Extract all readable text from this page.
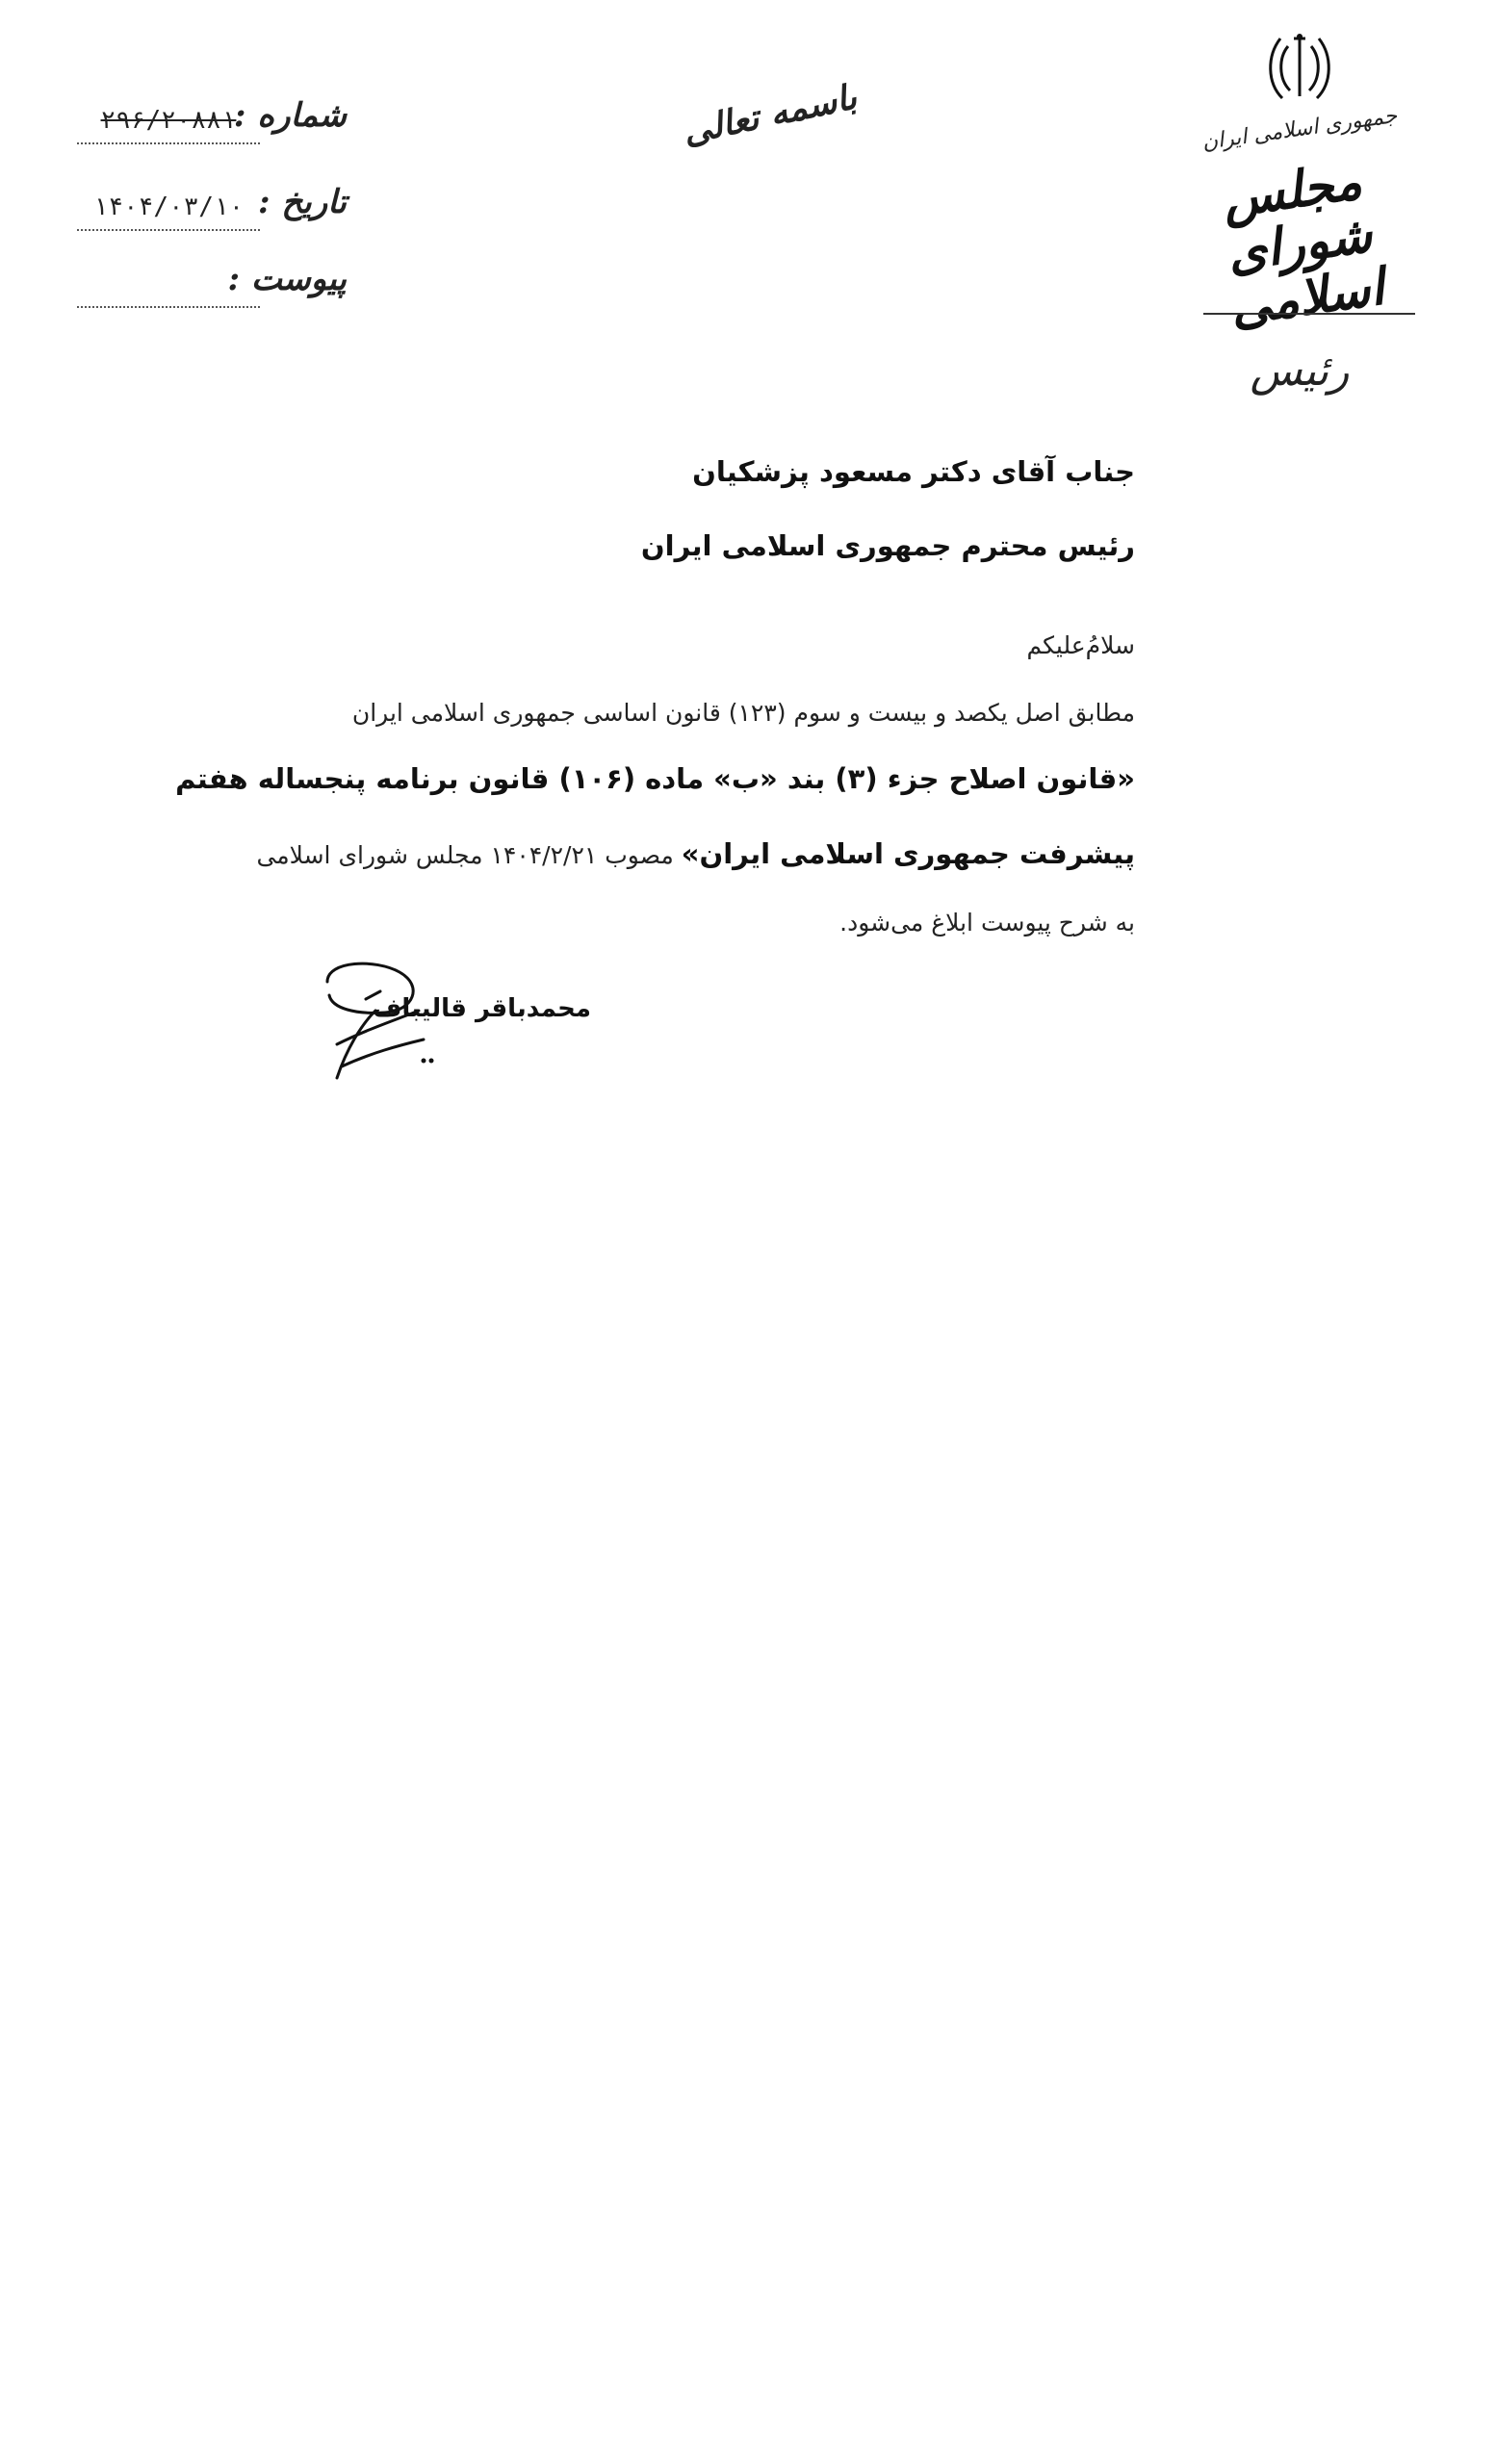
شماره :
۲۹۶/۲۰۸۸۱
تاریخ :
۱۴۰۴/۰۳/۱۰
پیوست :
باسمه تعالی	جمهوری اسلامی ایران
مجلس شورای اسلامی
رئیس
جناب آقای دکتر مسعود پزشکیان
رئیس محترم جمهوری اسلامی ایران
سلام‌ُعلیکم
مطابق اصل یکصد و بیست و سوم (۱۲۳) قانون اساسی جمهوری اسلامی ایران
«قانون اصلاح جزء (۳) بند «ب» ماده (۱۰۶) قانون برنامه پنجساله هفتم
پیشرفت جمهوری اسلامی ایران» مصوب ۱۴۰۴/۲/۲۱ مجلس شورای اسلامی
به شرح پیوست ابلاغ می‌شود.
محمدباقر قالیباف
